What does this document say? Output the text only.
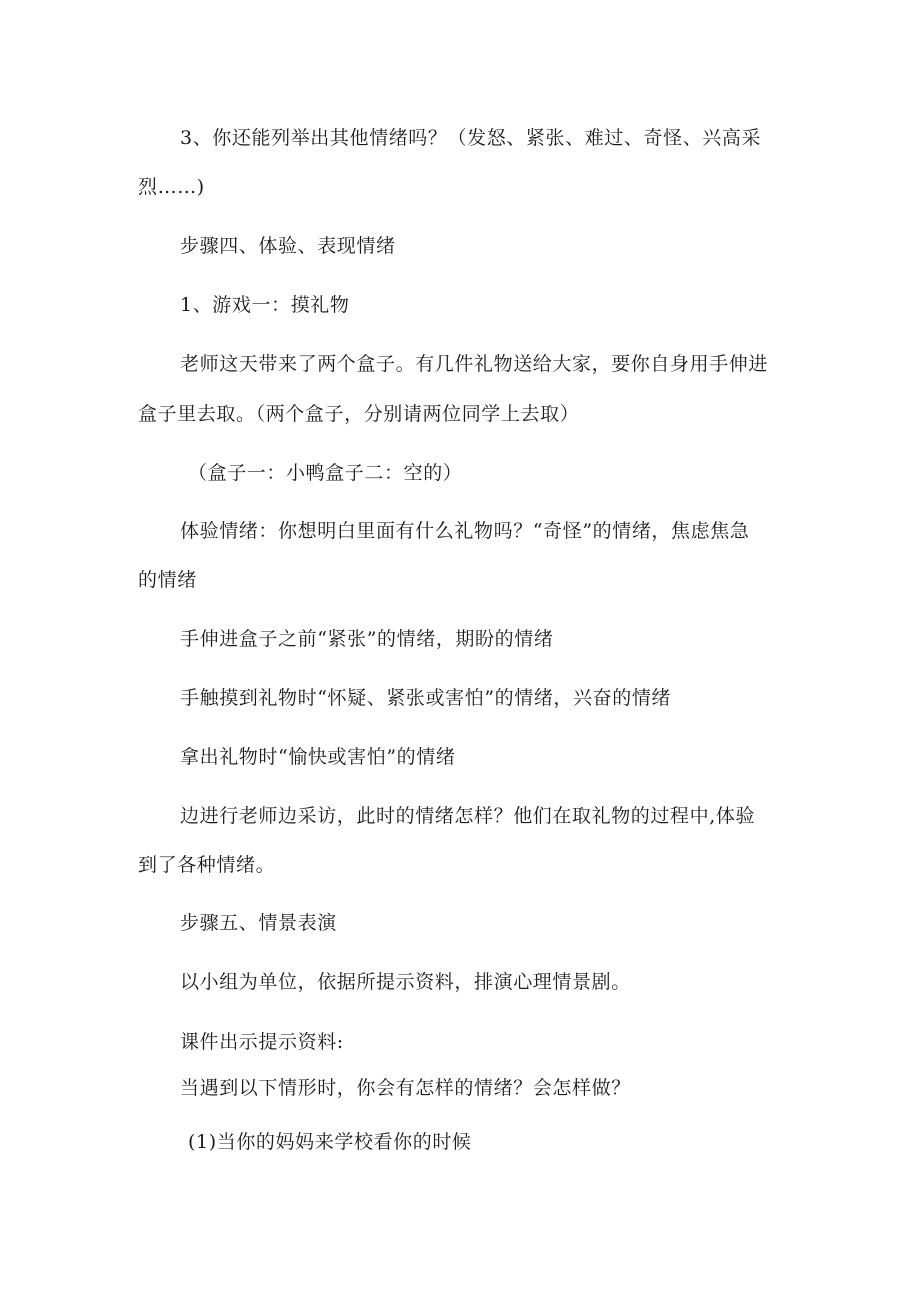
3、你还能列举出其他情绪吗？（发怒、紧张、难过、奇怪、兴高采

烈……)

步骤四、体验、表现情绪

1、游戏一：摸礼物

老师这天带来了两个盒子。有几件礼物送给大家，要你自身用手伸进

盒子里去取。（两个盒子，分别请两位同学上去取）

（盒子一：小鸭盒子二：空的）

体验情绪：你想明白里面有什么礼物吗？“奇怪”的情绪，焦虑焦急

的情绪

手伸进盒子之前“紧张”的情绪，期盼的情绪

手触摸到礼物时“怀疑、紧张或害怕”的情绪，兴奋的情绪

拿出礼物时“愉快或害怕”的情绪

边进行老师边采访，此时的情绪怎样？他们在取礼物的过程中,体验

到了各种情绪。

步骤五、情景表演

以小组为单位，依据所提示资料，排演心理情景剧。

课件出示提示资料:

当遇到以下情形时，你会有怎样的情绪？会怎样做？

(1)当你的妈妈来学校看你的时候
